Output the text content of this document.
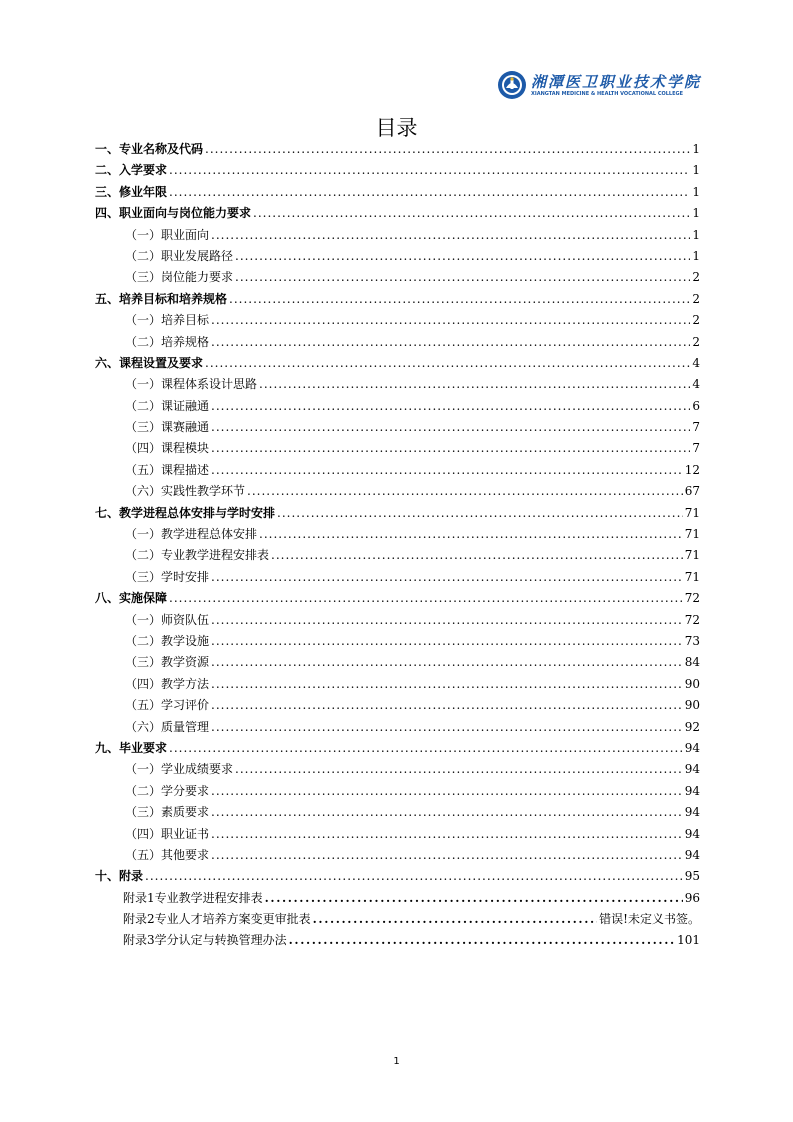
湘潭医卫职业技术学院
XIANGTAN MEDICINE & HEALTH VOCATIONAL COLLEGE
目录
一、专业名称及代码 .....	1
二、入学要求 .....	1
三、修业年限 .....	1
四、职业面向与岗位能力要求 .....	1
（一）职业面向 .....	1
（二）职业发展路径 .....	1
（三）岗位能力要求 .....	2
五、培养目标和培养规格 .....	2
（一）培养目标 .....	2
（二）培养规格 .....	2
六、课程设置及要求 .....	4
（一）课程体系设计思路 .....	4
（二）课证融通 .....	6
（三）课赛融通 .....	7
（四）课程模块 .....	7
（五）课程描述 .....	12
（六）实践性教学环节 .....	67
七、教学进程总体安排与学时安排 .....	71
（一）教学进程总体安排 .....	71
（二）专业教学进程安排表 .....	71
（三）学时安排 .....	71
八、实施保障 .....	72
（一）师资队伍 .....	72
（二）教学设施 .....	73
（三）教学资源 .....	84
（四）教学方法 .....	90
（五）学习评价 .....	90
（六）质量管理 .....	92
九、毕业要求 .....	94
（一）学业成绩要求 .....	94
（二）学分要求 .....	94
（三）素质要求 .....	94
（四）职业证书 .....	94
（五）其他要求 .....	94
十、附录 .....	95
附录1专业教学进程安排表 .....	96
附录2专业人才培养方案变更审批表 .....	错误!未定义书签。
附录3学分认定与转换管理办法 .....	101
1
